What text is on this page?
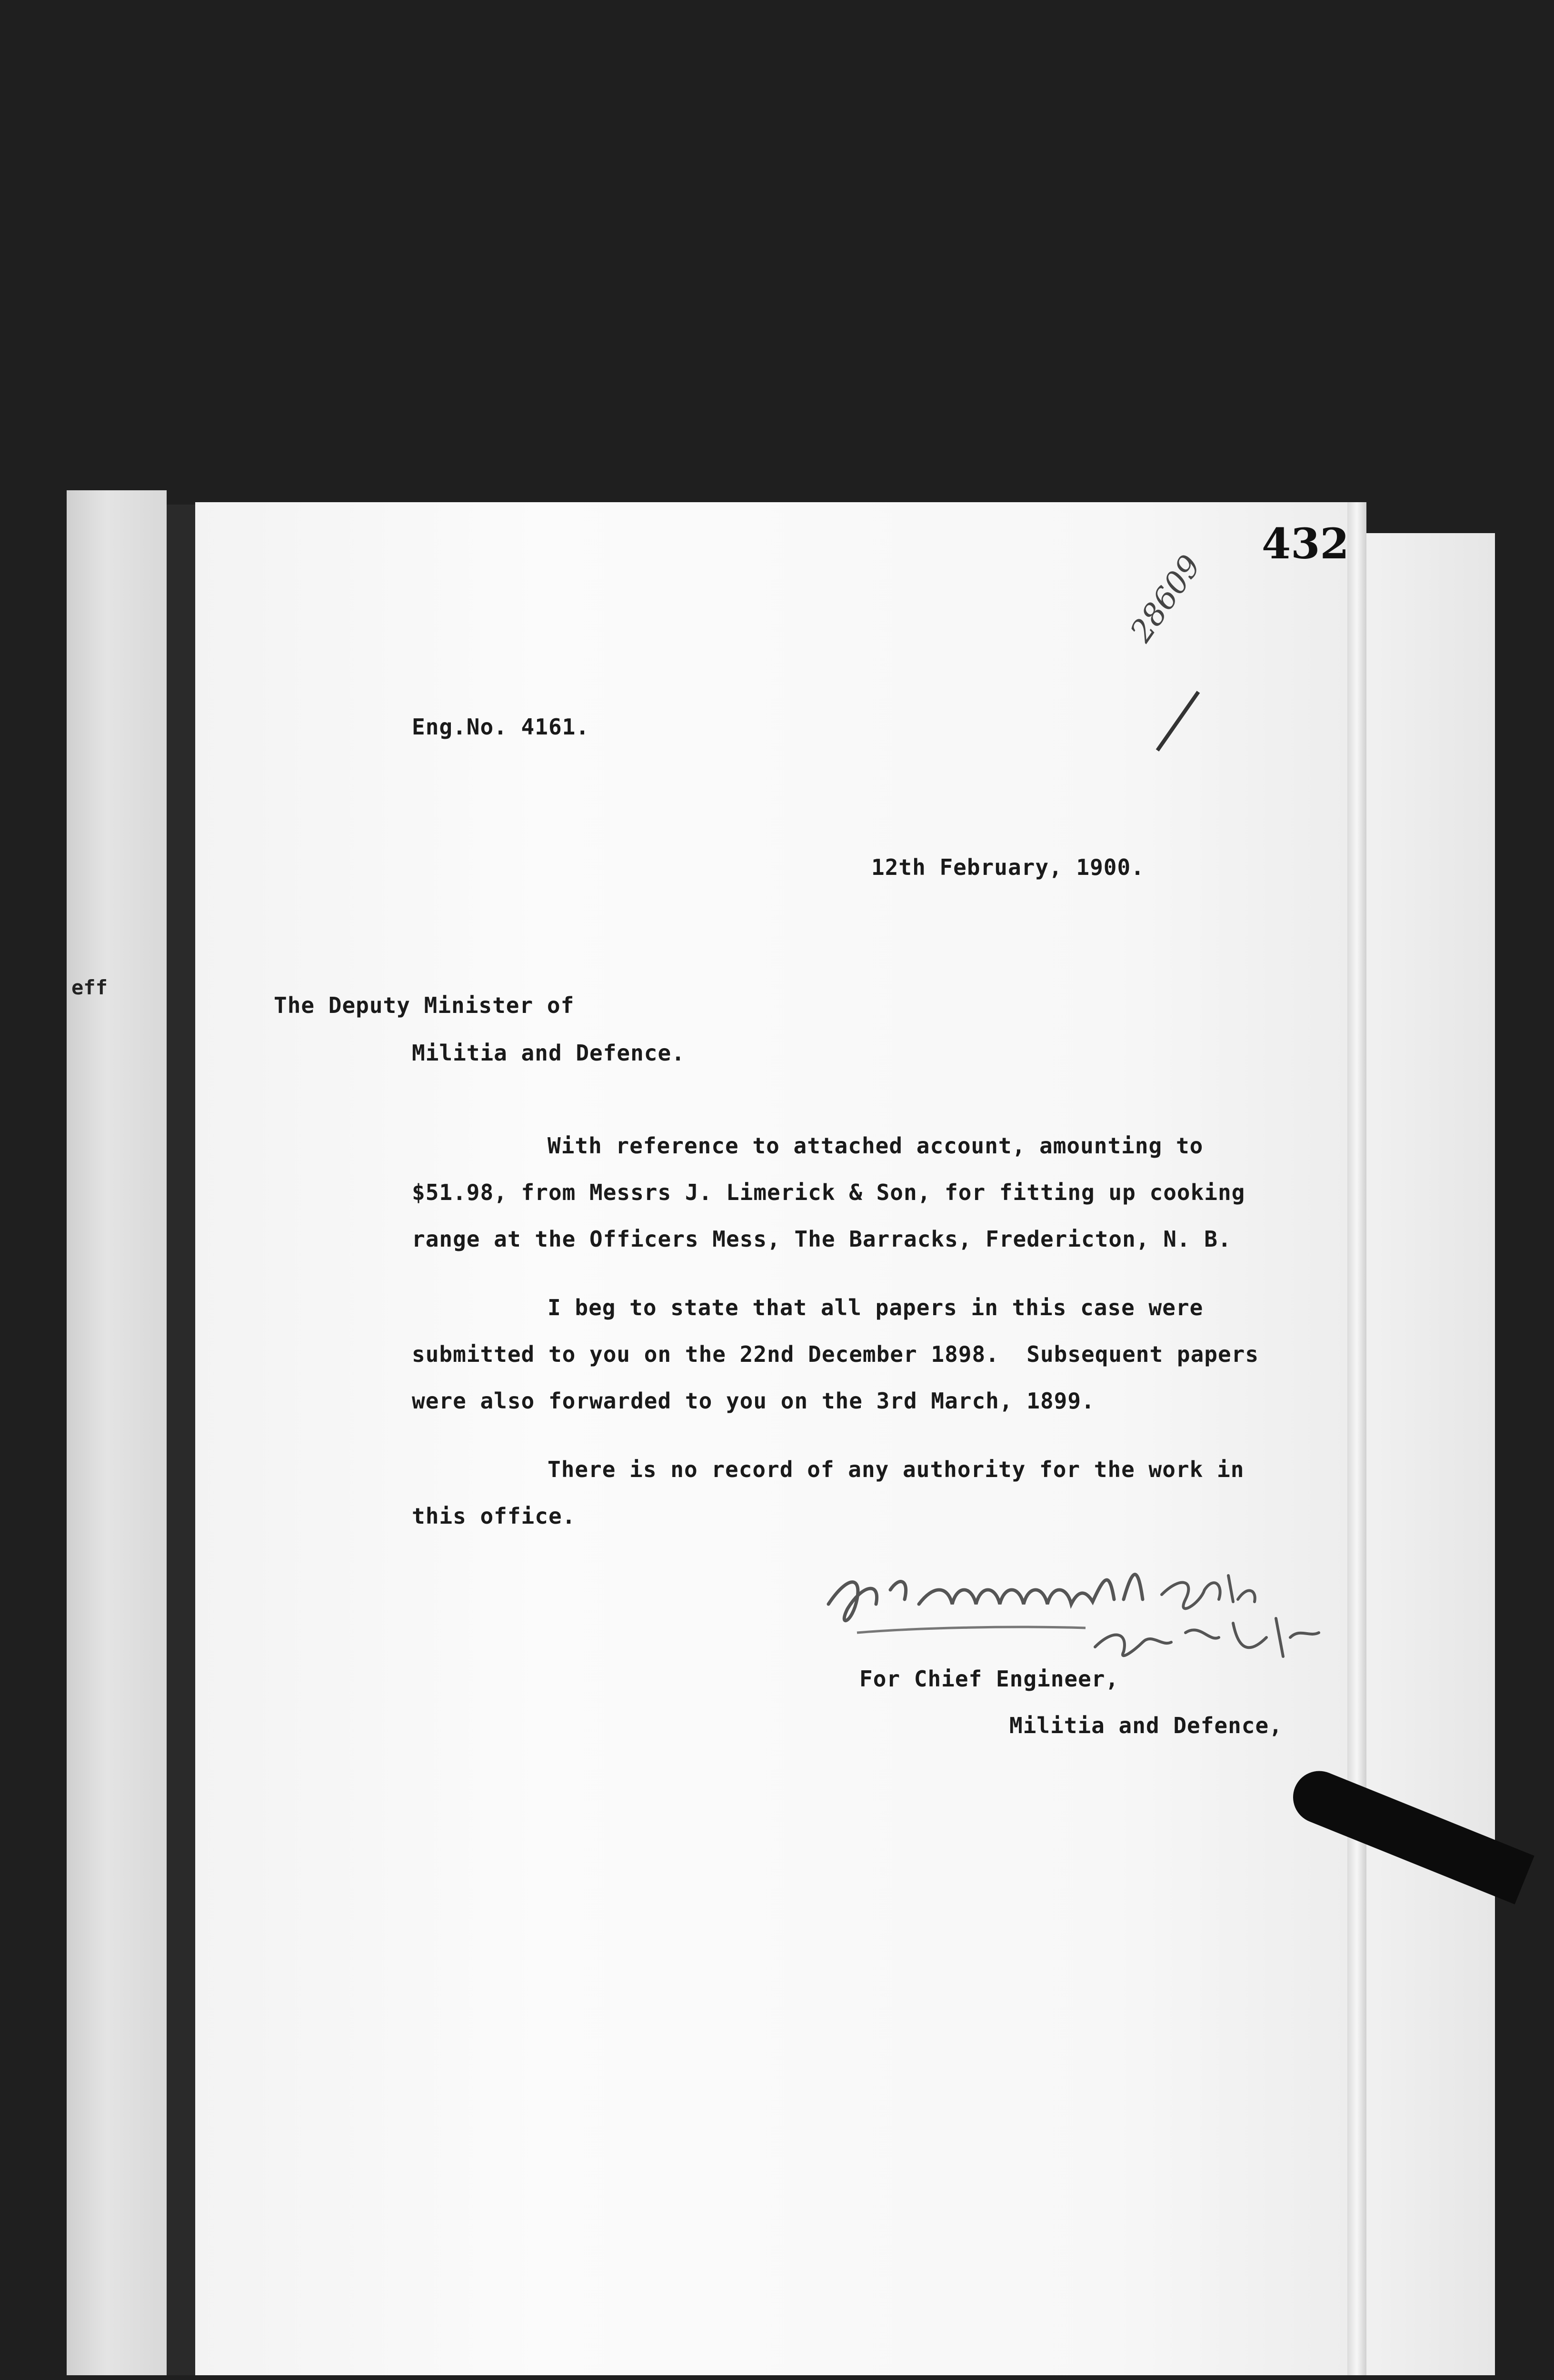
eff
432
28609
Eng.No. 4161.
12th February, 1900.
The Deputy Minister of
Militia and Defence.
With reference to attached account, amounting to
$51.98, from Messrs J. Limerick & Son, for fitting up cooking
range at the Officers Mess, The Barracks, Fredericton, N. B.
I beg to state that all papers in this case were
submitted to you on the 22nd December 1898.  Subsequent papers
were also forwarded to you on the 3rd March, 1899.
There is no record of any authority for the work in
this office.
For Chief Engineer,
Militia and Defence,
